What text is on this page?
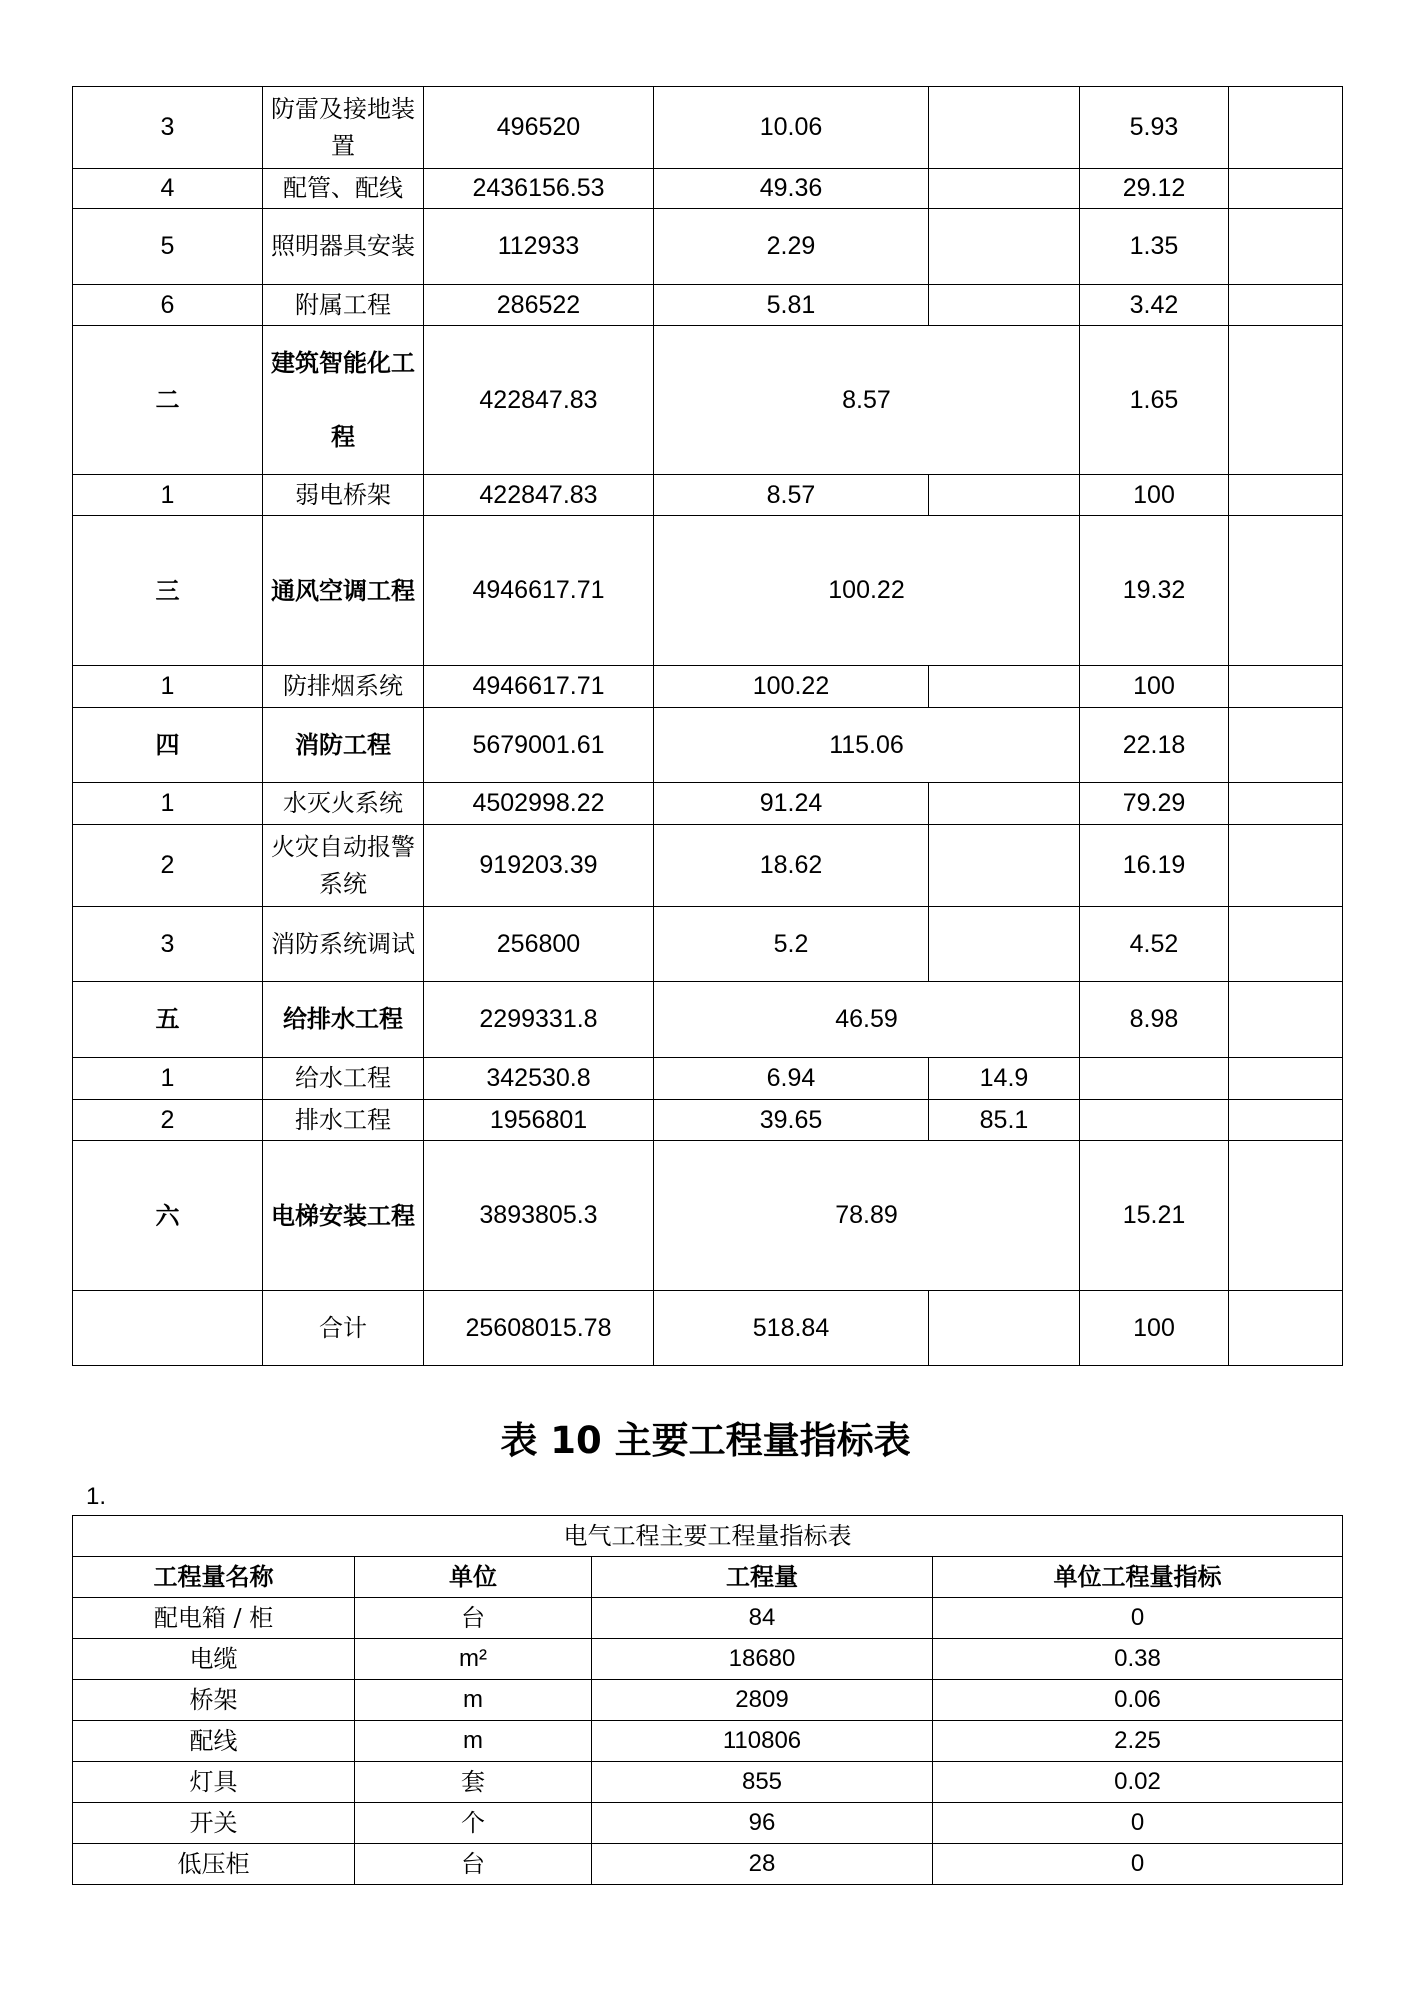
3	防雷及接地装置	496520	10.06		5.93	
4	配管、配线	2436156.53	49.36		29.12	
5	照明器具安装	112933	2.29		1.35	
6	附属工程	286522	5.81		3.42	
二	建筑智能化工程	422847.83	8.57		1.65	
1	弱电桥架	422847.83	8.57		100	
三	通风空调工程	4946617.71	100.22		19.32	
1	防排烟系统	4946617.71	100.22		100	
四	消防工程	5679001.61	115.06		22.18	
1	水灭火系统	4502998.22	91.24		79.29	
2	火灾自动报警系统	919203.39	18.62		16.19	
3	消防系统调试	256800	5.2		4.52	
五	给排水工程	2299331.8	46.59		8.98	
1	给水工程	342530.8	6.94	14.9		
2	排水工程	1956801	39.65	85.1		
六	电梯安装工程	3893805.3	78.89		15.21	
	合计	25608015.78	518.84		100	
表 10 主要工程量指标表
1.
电气工程主要工程量指标表			
工程量名称	单位	工程量	单位工程量指标
配电箱 / 柜	台	84	0
电缆	m²	18680	0.38
桥架	m	2809	0.06
配线	m	110806	2.25
灯具	套	855	0.02
开关	个	96	0
低压柜	台	28	0
